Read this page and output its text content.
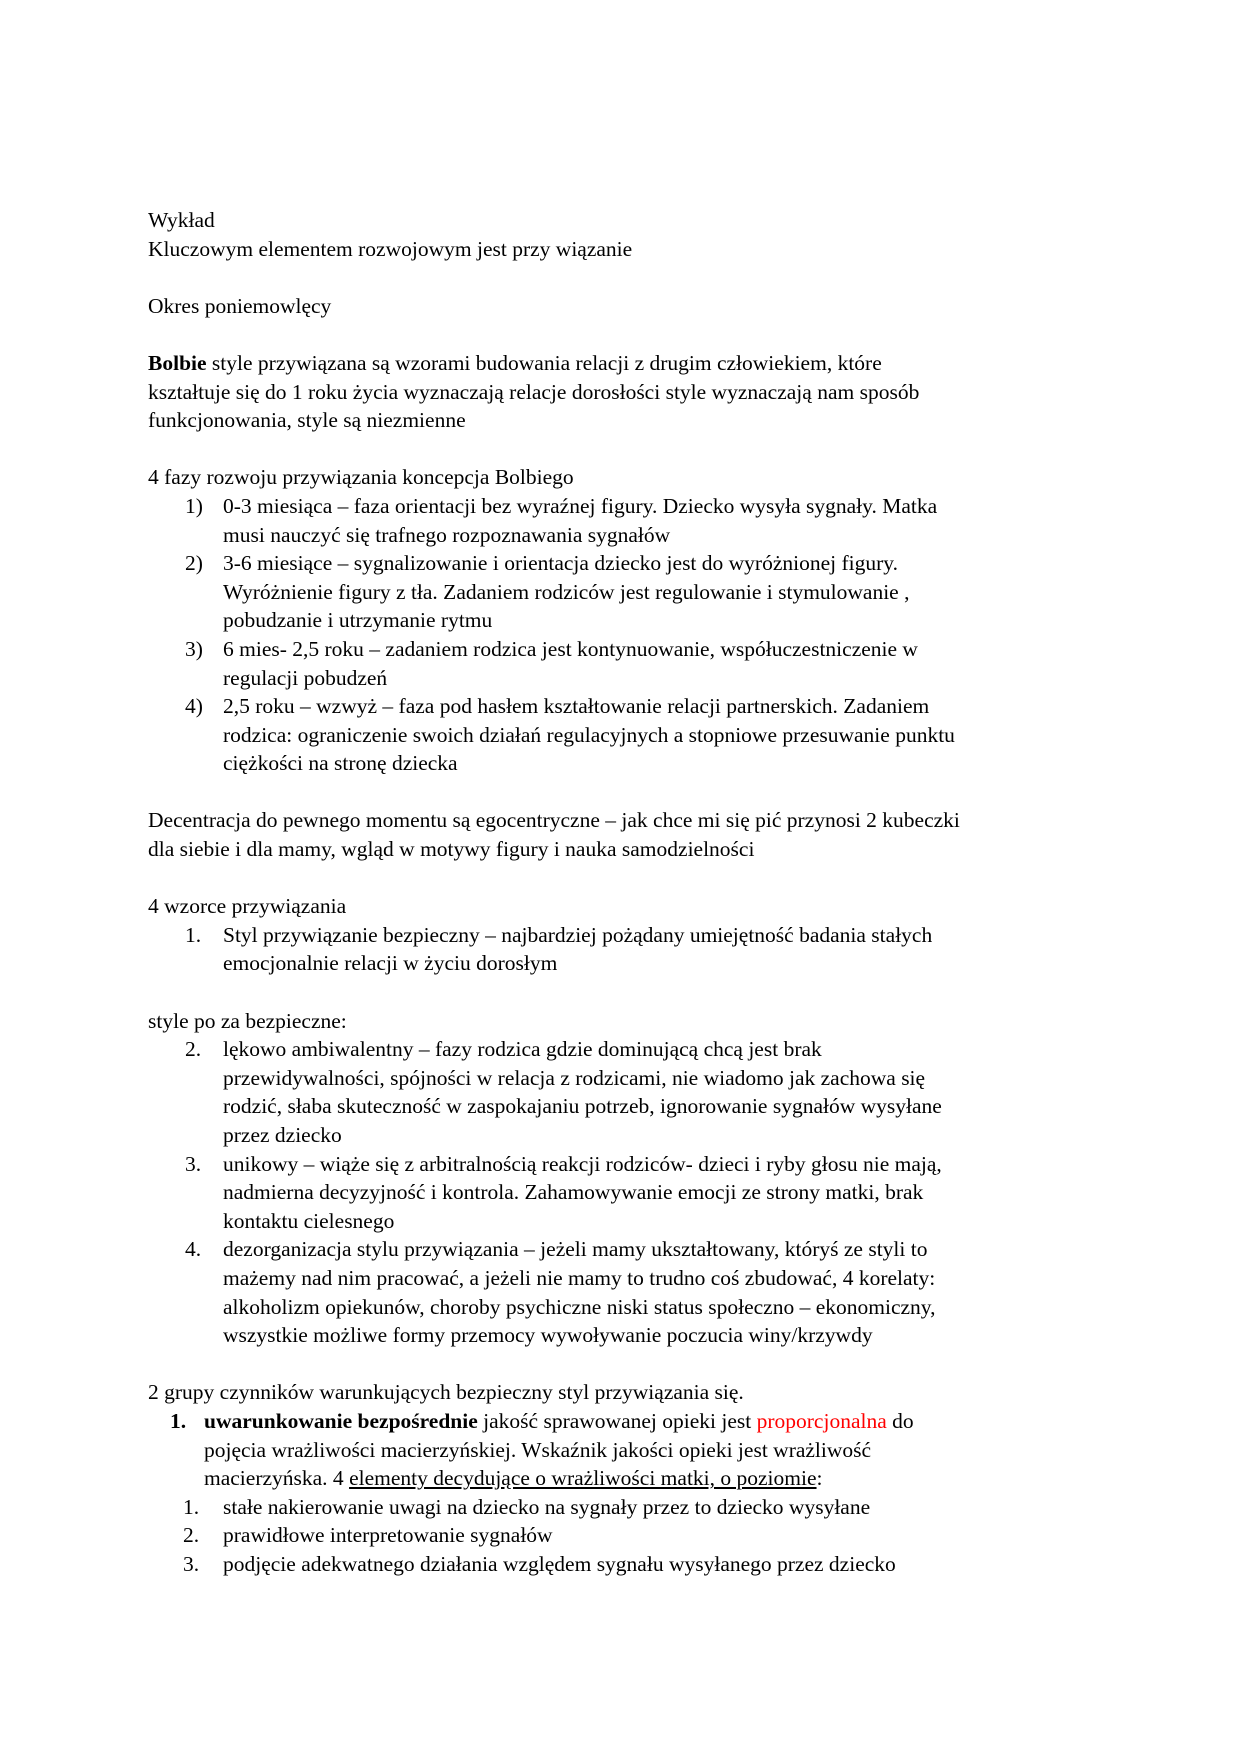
Wykład
Kluczowym elementem rozwojowym jest przy wiązanie
Okres poniemowlęcy
Bolbie style przywiązana są wzorami budowania relacji z drugim człowiekiem, które
kształtuje się do 1 roku życia wyznaczają relacje dorosłości style wyznaczają nam sposób
funkcjonowania, style są niezmienne
4 fazy rozwoju przywiązania koncepcja Bolbiego
1) 0-3 miesiąca – faza orientacji bez wyraźnej figury. Dziecko wysyła sygnały. Matka
musi nauczyć się trafnego rozpoznawania sygnałów
2) 3-6 miesiące – sygnalizowanie i orientacja dziecko jest do wyróżnionej figury.
Wyróżnienie figury z tła. Zadaniem rodziców jest regulowanie i stymulowanie ,
pobudzanie i utrzymanie rytmu
3) 6 mies- 2,5 roku – zadaniem rodzica jest kontynuowanie, współuczestniczenie w
regulacji pobudzeń
4) 2,5 roku – wzwyż – faza pod hasłem kształtowanie relacji partnerskich. Zadaniem
rodzica: ograniczenie swoich działań regulacyjnych a stopniowe przesuwanie punktu
ciężkości na stronę dziecka
Decentracja do pewnego momentu są egocentryczne – jak chce mi się pić przynosi 2 kubeczki
dla siebie i dla mamy, wgląd w motywy figury i nauka samodzielności
4 wzorce przywiązania
1. Styl przywiązanie bezpieczny – najbardziej pożądany umiejętność badania stałych
emocjonalnie relacji w życiu dorosłym
style po za bezpieczne:
2. lękowo ambiwalentny – fazy rodzica gdzie dominującą chcą jest brak
przewidywalności, spójności w relacja z rodzicami, nie wiadomo jak zachowa się
rodzić, słaba skuteczność w zaspokajaniu potrzeb, ignorowanie sygnałów wysyłane
przez dziecko
3. unikowy – wiąże się z arbitralnością reakcji rodziców- dzieci i ryby głosu nie mają,
nadmierna decyzyjność i kontrola. Zahamowywanie emocji ze strony matki, brak
kontaktu cielesnego
4. dezorganizacja stylu przywiązania – jeżeli mamy ukształtowany, któryś ze styli to
mażemy nad nim pracować, a jeżeli nie mamy to trudno coś zbudować, 4 korelaty:
alkoholizm opiekunów, choroby psychiczne niski status społeczno – ekonomiczny,
wszystkie możliwe formy przemocy wywoływanie poczucia winy/krzywdy
2 grupy czynników warunkujących bezpieczny styl przywiązania się.
1. uwarunkowanie bezpośrednie jakość sprawowanej opieki jest proporcjonalna do
pojęcia wrażliwości macierzyńskiej. Wskaźnik jakości opieki jest wrażliwość
macierzyńska. 4 elementy decydujące o wrażliwości matki, o poziomie:
1. stałe nakierowanie uwagi na dziecko na sygnały przez to dziecko wysyłane
2. prawidłowe interpretowanie sygnałów
3. podjęcie adekwatnego działania względem sygnału wysyłanego przez dziecko
